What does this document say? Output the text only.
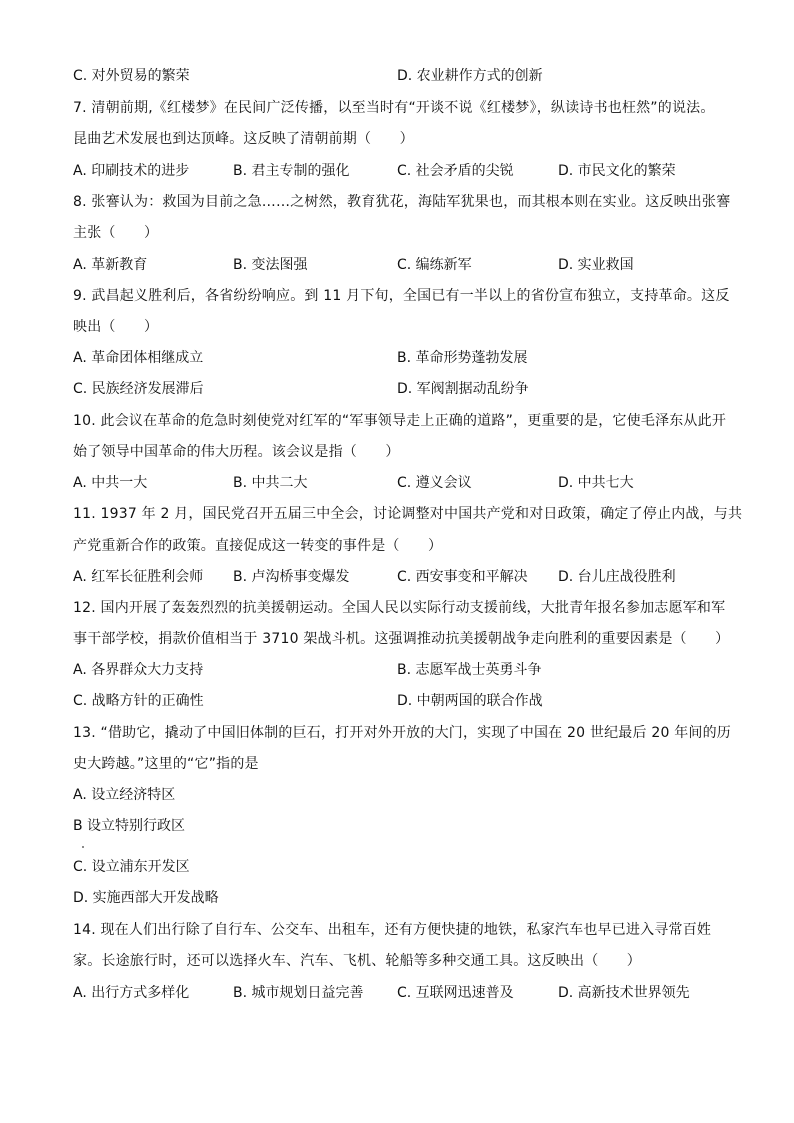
C. 对外贸易的繁荣	D. 农业耕作方式的创新
7. 清朝前期,《红楼梦》在民间广泛传播，以至当时有“开谈不说《红楼梦》，纵读诗书也枉然”的说法。
昆曲艺术发展也到达顶峰。这反映了清朝前期（　　）
A. 印刷技术的进步	B. 君主专制的强化	C. 社会矛盾的尖锐	D. 市民文化的繁荣
8. 张謇认为：救国为目前之急……之树然，教育犹花，海陆军犹果也，而其根本则在实业。这反映出张謇
主张（　　）
A. 革新教育	B. 变法图强	C. 编练新军	D. 实业救国
9. 武昌起义胜利后，各省纷纷响应。到 11 月下旬，全国已有一半以上的省份宣布独立，支持革命。这反
映出（　　）
A. 革命团体相继成立	B. 革命形势蓬勃发展
C. 民族经济发展滞后	D. 军阀割据动乱纷争
10. 此会议在革命的危急时刻使党对红军的“军事领导走上正确的道路”，更重要的是，它使毛泽东从此开
始了领导中国革命的伟大历程。该会议是指（　　）
A. 中共一大	B. 中共二大	C. 遵义会议	D. 中共七大
11. 1937 年 2 月，国民党召开五届三中全会，讨论调整对中国共产党和对日政策，确定了停止内战，与共
产党重新合作的政策。直接促成这一转变的事件是（　　）
A. 红军长征胜利会师 B. 卢沟桥事变爆发	C. 西安事变和平解决 D. 台儿庄战役胜利
12. 国内开展了轰轰烈烈的抗美援朝运动。全国人民以实际行动支援前线，大批青年报名参加志愿军和军
事干部学校，捐款价值相当于 3710 架战斗机。这强调推动抗美援朝战争走向胜利的重要因素是（　　）
A. 各界群众大力支持	B. 志愿军战士英勇斗争
C. 战略方针的正确性	D. 中朝两国的联合作战
13. “借助它，撬动了中国旧体制的巨石，打开对外开放的大门，实现了中国在 20 世纪最后 20 年间的历
史大跨越。”这里的“它”指的是
A. 设立经济特区
B 设立特别行政区
C. 设立浦东开发区
D. 实施西部大开发战略
14. 现在人们出行除了自行车、公交车、出租车，还有方便快捷的地铁，私家汽车也早已进入寻常百姓
家。长途旅行时，还可以选择火车、汽车、飞机、轮船等多种交通工具。这反映出（　　）
A. 出行方式多样化	B. 城市规划日益完善 C. 互联网迅速普及	D. 高新技术世界领先
